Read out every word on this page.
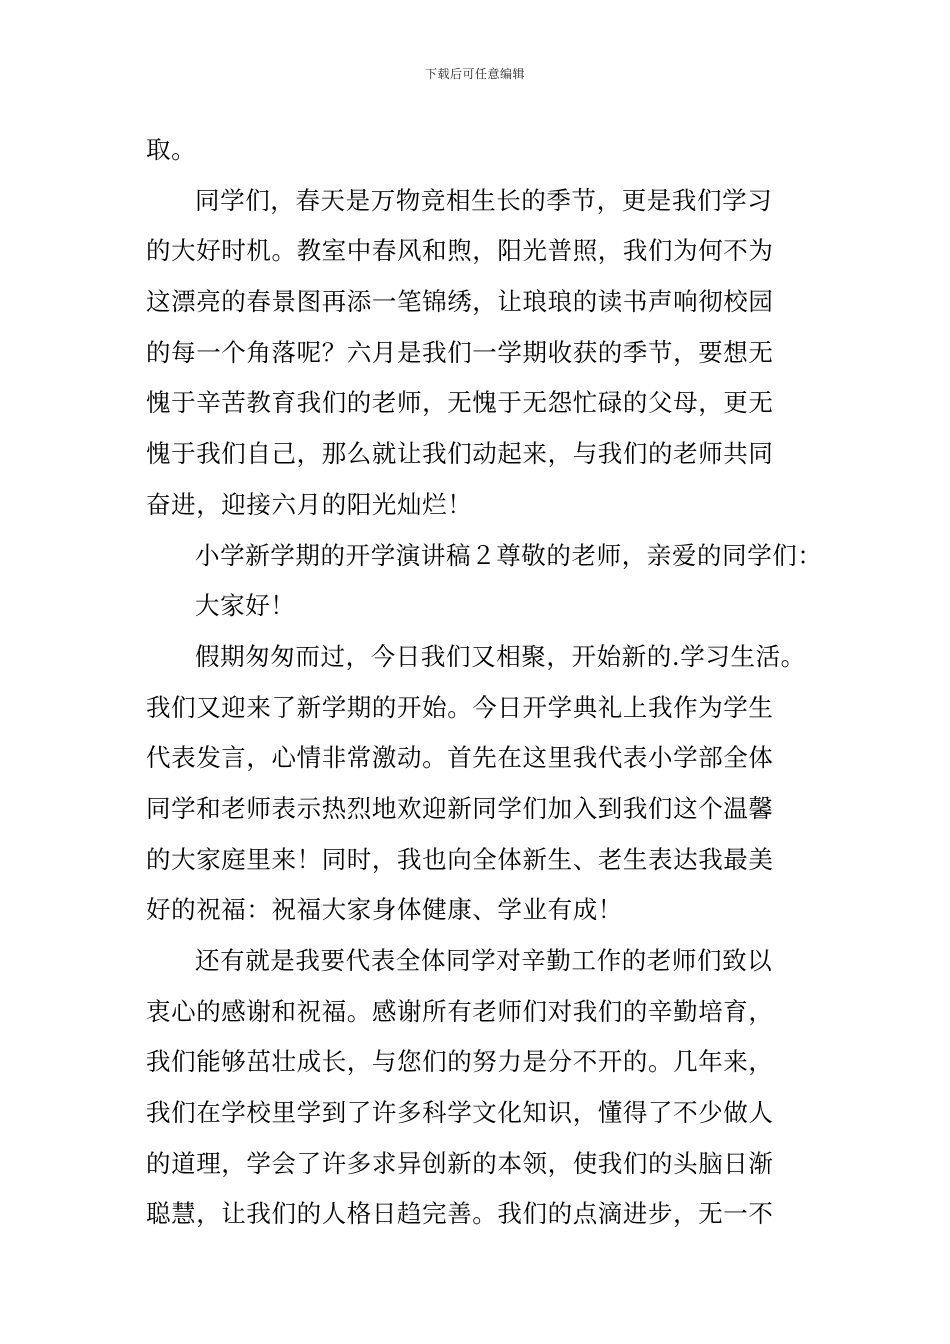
下载后可任意编辑
取。
同学们，春天是万物竞相生长的季节，更是我们学习
的大好时机。教室中春风和煦，阳光普照，我们为何不为
这漂亮的春景图再添一笔锦绣，让琅琅的读书声响彻校园
的每一个角落呢？六月是我们一学期收获的季节，要想无
愧于辛苦教育我们的老师，无愧于无怨忙碌的父母，更无
愧于我们自己，那么就让我们动起来，与我们的老师共同
奋进，迎接六月的阳光灿烂！
小学新学期的开学演讲稿２尊敬的老师，亲爱的同学们：
大家好！
假期匆匆而过，今日我们又相聚，开始新的.学习生活。
我们又迎来了新学期的开始。今日开学典礼上我作为学生
代表发言，心情非常激动。首先在这里我代表小学部全体
同学和老师表示热烈地欢迎新同学们加入到我们这个温馨
的大家庭里来！同时，我也向全体新生、老生表达我最美
好的祝福：祝福大家身体健康、学业有成！
还有就是我要代表全体同学对辛勤工作的老师们致以
衷心的感谢和祝福。感谢所有老师们对我们的辛勤培育，
我们能够茁壮成长，与您们的努力是分不开的。几年来，
我们在学校里学到了许多科学文化知识，懂得了不少做人
的道理，学会了许多求异创新的本领，使我们的头脑日渐
聪慧，让我们的人格日趋完善。我们的点滴进步，无一不
